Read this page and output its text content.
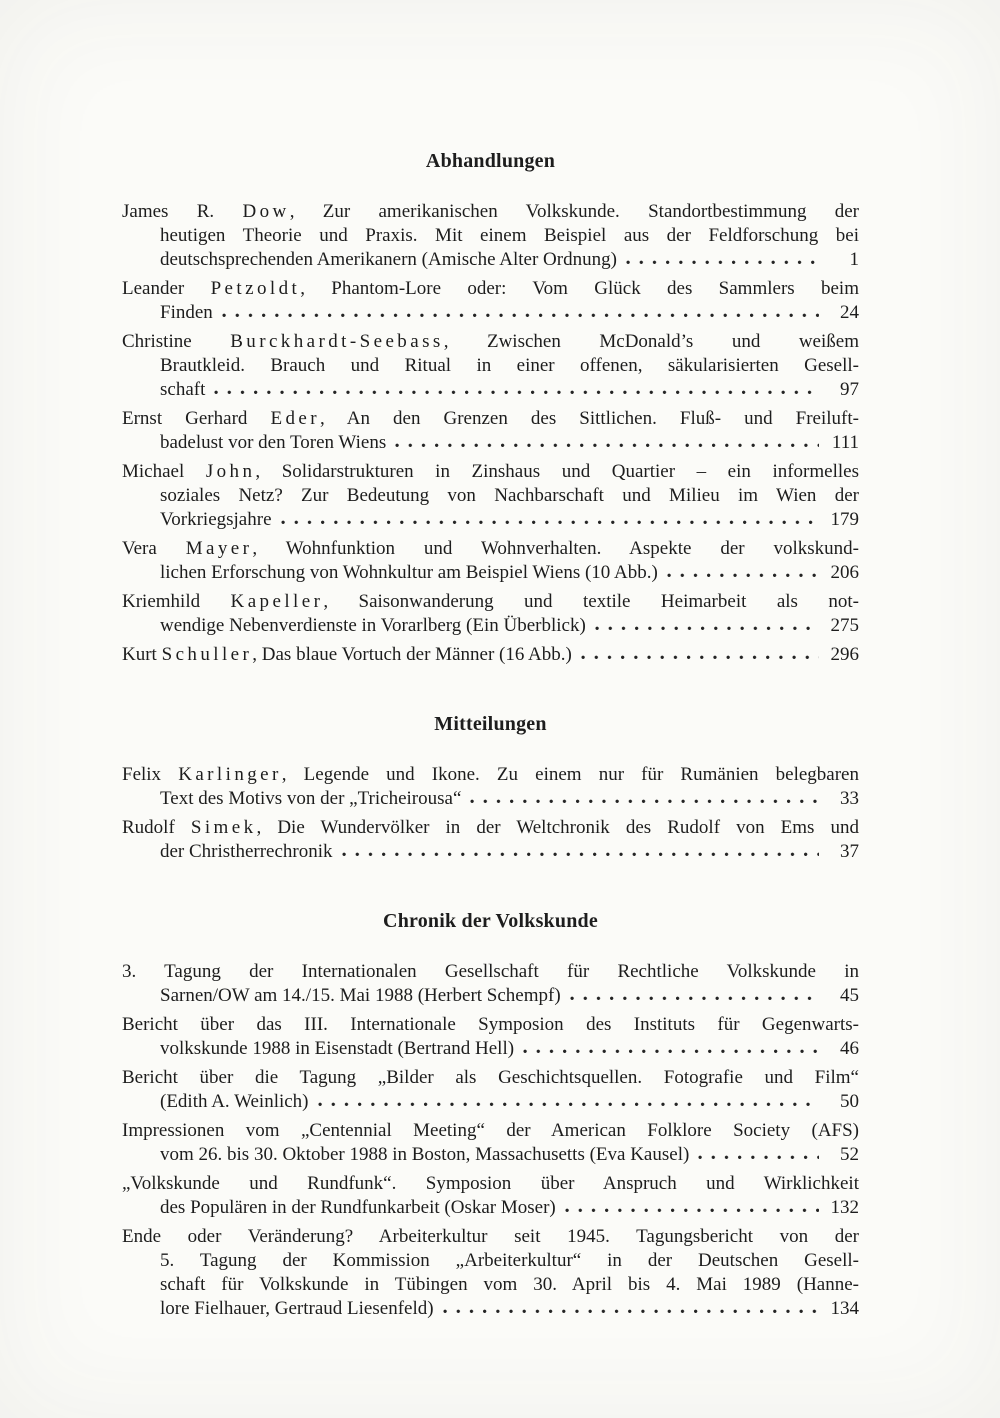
Abhandlungen
James R. Dow, Zur amerikanischen Volkskunde. Standortbestimmung der
heutigen Theorie und Praxis. Mit einem Beispiel aus der Feldforschung bei
deutschsprechenden Amerikanern (Amische Alter Ordnung)	1
Leander Petzoldt, Phantom-Lore oder: Vom Glück des Sammlers beim
Finden	24
Christine Burckhardt-Seebass, Zwischen McDonald’s und weißem
Brautkleid. Brauch und Ritual in einer offenen, säkularisierten Gesell-
schaft	97
Ernst Gerhard Eder, An den Grenzen des Sittlichen. Fluß- und Freiluft-
badelust vor den Toren Wiens	111
Michael John, Solidarstrukturen in Zinshaus und Quartier – ein informelles
soziales Netz? Zur Bedeutung von Nachbarschaft und Milieu im Wien der
Vorkriegsjahre	179
Vera Mayer, Wohnfunktion und Wohnverhalten. Aspekte der volkskund-
lichen Erforschung von Wohnkultur am Beispiel Wiens (10 Abb.)	206
Kriemhild Kapeller, Saisonwanderung und textile Heimarbeit als not-
wendige Nebenverdienste in Vorarlberg (Ein Überblick)	275
Kurt Schuller, Das blaue Vortuch der Männer (16 Abb.)	296
Mitteilungen
Felix Karlinger, Legende und Ikone. Zu einem nur für Rumänien belegbaren
Text des Motivs von der „Tricheirousa“	33
Rudolf Simek, Die Wundervölker in der Weltchronik des Rudolf von Ems und
der Christherrechronik	37
Chronik der Volkskunde
3. Tagung der Internationalen Gesellschaft für Rechtliche Volkskunde in
Sarnen/OW am 14./15. Mai 1988 (Herbert Schempf)	45
Bericht über das III. Internationale Symposion des Instituts für Gegenwarts-
volkskunde 1988 in Eisenstadt (Bertrand Hell)	46
Bericht über die Tagung „Bilder als Geschichtsquellen. Fotografie und Film“
(Edith A. Weinlich)	50
Impressionen vom „Centennial Meeting“ der American Folklore Society (AFS)
vom 26. bis 30. Oktober 1988 in Boston, Massachusetts (Eva Kausel)	52
„Volkskunde und Rundfunk“. Symposion über Anspruch und Wirklichkeit
des Populären in der Rundfunkarbeit (Oskar Moser)	132
Ende oder Veränderung? Arbeiterkultur seit 1945. Tagungsbericht von der
5. Tagung der Kommission „Arbeiterkultur“ in der Deutschen Gesell-
schaft für Volkskunde in Tübingen vom 30. April bis 4. Mai 1989 (Hanne-
lore Fielhauer, Gertraud Liesenfeld)	134
